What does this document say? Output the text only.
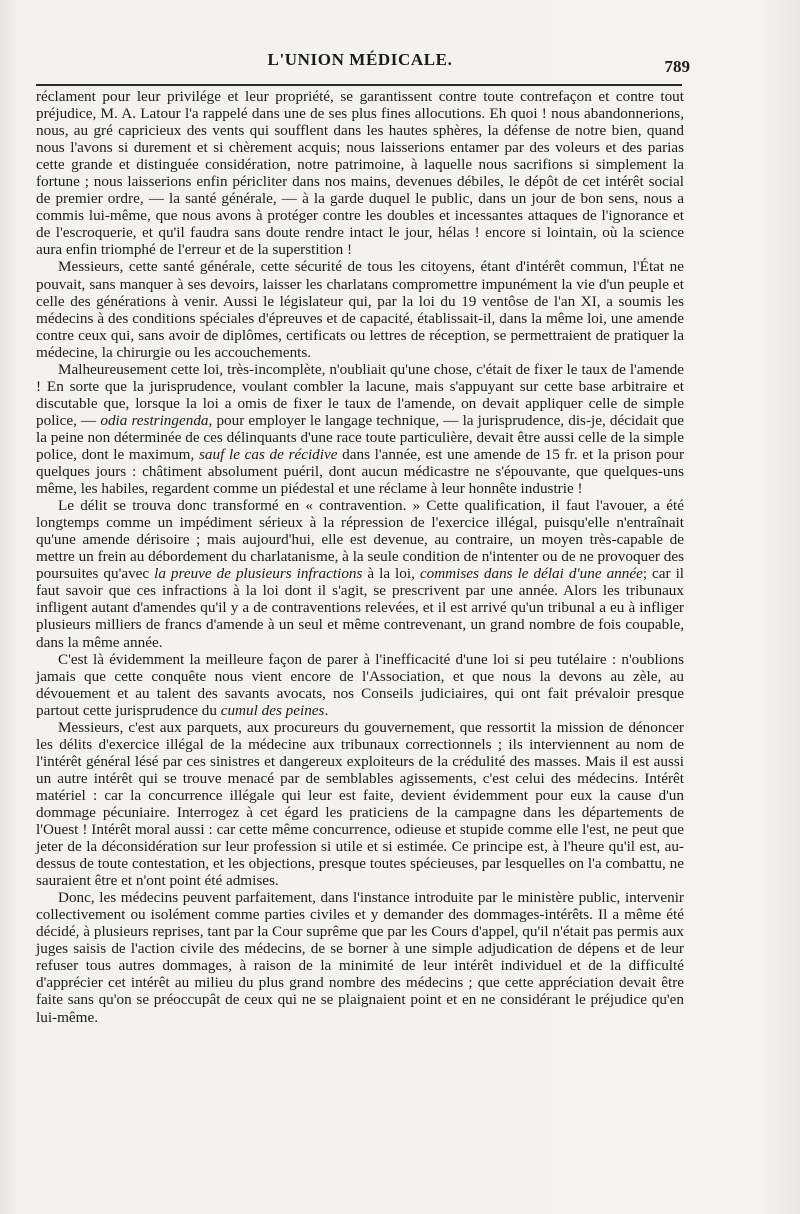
L'UNION MÉDICALE.	789

réclament pour leur privilége et leur propriété, se garantissent contre toute contrefaçon et contre tout préjudice, M. A. Latour l'a rappelé dans une de ses plus fines allocutions. Eh quoi ! nous abandonnerions, nous, au gré capricieux des vents qui soufflent dans les hautes sphères, la défense de notre bien, quand nous l'avons si durement et si chèrement acquis; nous laisserions entamer par des voleurs et des parias cette grande et distinguée considération, notre patrimoine, à laquelle nous sacrifions si simplement la fortune ; nous laisserions enfin péricliter dans nos mains, devenues débiles, le dépôt de cet intérêt social de premier ordre, — la santé générale, — à la garde duquel le public, dans un jour de bon sens, nous a commis lui-même, que nous avons à protéger contre les doubles et incessantes attaques de l'ignorance et de l'escroquerie, et qu'il faudra sans doute rendre intact le jour, hélas ! encore si lointain, où la science aura enfin triomphé de l'erreur et de la superstition !

Messieurs, cette santé générale, cette sécurité de tous les citoyens, étant d'intérêt commun, l'État ne pouvait, sans manquer à ses devoirs, laisser les charlatans compromettre impunément la vie d'un peuple et celle des générations à venir. Aussi le législateur qui, par la loi du 19 ventôse de l'an XI, a soumis les médecins à des conditions spéciales d'épreuves et de capacité, établissait-il, dans la même loi, une amende contre ceux qui, sans avoir de diplômes, certificats ou lettres de réception, se permettraient de pratiquer la médecine, la chirurgie ou les accouchements.

Malheureusement cette loi, très-incomplète, n'oubliait qu'une chose, c'était de fixer le taux de l'amende ! En sorte que la jurisprudence, voulant combler la lacune, mais s'appuyant sur cette base arbitraire et discutable que, lorsque la loi a omis de fixer le taux de l'amende, on devait appliquer celle de simple police, — odia restringenda, pour employer le langage technique, — la jurisprudence, dis-je, décidait que la peine non déterminée de ces délinquants d'une race toute particulière, devait être aussi celle de la simple police, dont le maximum, sauf le cas de récidive dans l'année, est une amende de 15 fr. et la prison pour quelques jours : châtiment absolument puéril, dont aucun médicastre ne s'épouvante, que quelques-uns même, les habiles, regardent comme un piédestal et une réclame à leur honnête industrie !

Le délit se trouva donc transformé en « contravention. » Cette qualification, il faut l'avouer, a été longtemps comme un impédiment sérieux à la répression de l'exercice illégal, puisqu'elle n'entraînait qu'une amende dérisoire ; mais aujourd'hui, elle est devenue, au contraire, un moyen très-capable de mettre un frein au débordement du charlatanisme, à la seule condition de n'intenter ou de ne provoquer des poursuites qu'avec la preuve de plusieurs infractions à la loi, commises dans le délai d'une année; car il faut savoir que ces infractions à la loi dont il s'agit, se prescrivent par une année. Alors les tribunaux infligent autant d'amendes qu'il y a de contraventions relevées, et il est arrivé qu'un tribunal a eu à infliger plusieurs milliers de francs d'amende à un seul et même contrevenant, un grand nombre de fois coupable, dans la même année.

C'est là évidemment la meilleure façon de parer à l'inefficacité d'une loi si peu tutélaire : n'oublions jamais que cette conquête nous vient encore de l'Association, et que nous la devons au zèle, au dévouement et au talent des savants avocats, nos Conseils judiciaires, qui ont fait prévaloir presque partout cette jurisprudence du cumul des peines.

Messieurs, c'est aux parquets, aux procureurs du gouvernement, que ressortit la mission de dénoncer les délits d'exercice illégal de la médecine aux tribunaux correctionnels ; ils interviennent au nom de l'intérêt général lésé par ces sinistres et dangereux exploiteurs de la crédulité des masses. Mais il est aussi un autre intérêt qui se trouve menacé par de semblables agissements, c'est celui des médecins. Intérêt matériel : car la concurrence illégale qui leur est faite, devient évidemment pour eux la cause d'un dommage pécuniaire. Interrogez à cet égard les praticiens de la campagne dans les départements de l'Ouest ! Intérêt moral aussi : car cette même concurrence, odieuse et stupide comme elle l'est, ne peut que jeter de la déconsidération sur leur profession si utile et si estimée. Ce principe est, à l'heure qu'il est, au-dessus de toute contestation, et les objections, presque toutes spécieuses, par lesquelles on l'a combattu, ne sauraient être et n'ont point été admises.

Donc, les médecins peuvent parfaitement, dans l'instance introduite par le ministère public, intervenir collectivement ou isolément comme parties civiles et y demander des dommages-intérêts. Il a même été décidé, à plusieurs reprises, tant par la Cour suprême que par les Cours d'appel, qu'il n'était pas permis aux juges saisis de l'action civile des médecins, de se borner à une simple adjudication de dépens et de leur refuser tous autres dommages, à raison de la minimité de leur intérêt individuel et de la difficulté d'apprécier cet intérêt au milieu du plus grand nombre des médecins ; que cette appréciation devait être faite sans qu'on se préoccupât de ceux qui ne se plaignaient point et en ne considérant le préjudice qu'en lui-même.
